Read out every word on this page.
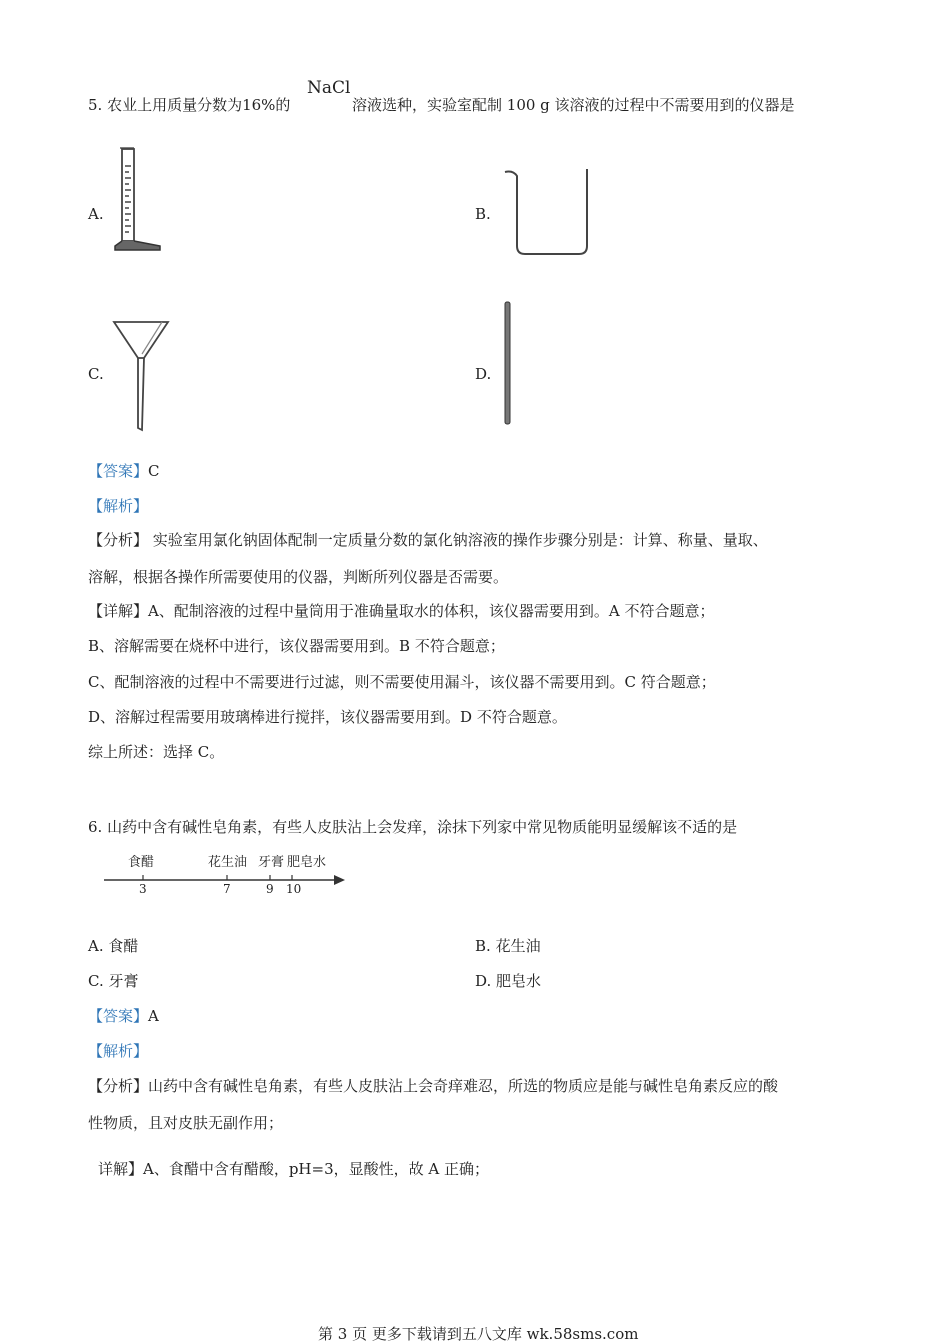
5. 农业上用质量分数为16%的
NaCl
溶液选种，实验室配制 100 g 该溶液的过程中不需要用到的仪器是
A.	B.
C.	D.
【答案】C
【解析】
【分析】 实验室用氯化钠固体配制一定质量分数的氯化钠溶液的操作步骤分别是：计算、称量、量取、
溶解，根据各操作所需要使用的仪器，判断所列仪器是否需要。
【详解】A、配制溶液的过程中量筒用于准确量取水的体积，该仪器需要用到。A 不符合题意；
B、溶解需要在烧杯中进行，该仪器需要用到。B 不符合题意；
C、配制溶液的过程中不需要进行过滤，则不需要使用漏斗，该仪器不需要用到。C 符合题意；
D、溶解过程需要用玻璃棒进行搅拌，该仪器需要用到。D 不符合题意。
综上所述：选择 C。
6. 山药中含有碱性皂角素，有些人皮肤沾上会发痒，涂抹下列家中常见物质能明显缓解该不适的是
食醋	花生油 牙膏 肥皂水
3	7	9 10
A. 食醋	B. 花生油
C. 牙膏	D. 肥皂水
【答案】A
【解析】
【分析】山药中含有碱性皂角素，有些人皮肤沾上会奇痒难忍，所选的物质应是能与碱性皂角素反应的酸
性物质，且对皮肤无副作用；
详解】A、食醋中含有醋酸，pH=3，显酸性，故 A 正确；
第 3 页 更多下载请到五八文库 wk.58sms.com
